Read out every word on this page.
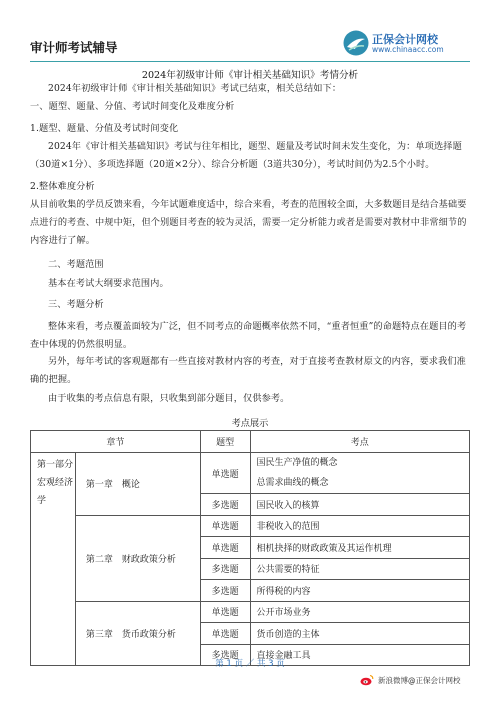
审计师考试辅导
正保会计网校
www.chinaacc.com
2024年初级审计师《审计相关基础知识》考情分析
2024年初级审计师《审计相关基础知识》考试已结束，相关总结如下：
一、题型、题量、分值、考试时间变化及难度分析
1.题型、题量、分值及考试时间变化
2024年《审计相关基础知识》考试与往年相比，题型、题量及考试时间未发生变化，为：单项选择题（30道×1分）、多项选择题（20道×2分）、综合分析题（3道共30分），考试时间仍为2.5个小时。
2.整体难度分析
从目前收集的学员反馈来看，今年试题难度适中，综合来看，考查的范围较全面，大多数题目是结合基础要点进行的考查、中规中矩，但个别题目考查的较为灵活，需要一定分析能力或者是需要对教材中非常细节的内容进行了解。
二、考题范围
基本在考试大纲要求范围内。
三、考题分析
整体来看，考点覆盖面较为广泛，但不同考点的命题概率依然不同，“重者恒重”的命题特点在题目的考查中体现的仍然很明显。
另外，每年考试的客观题都有一些直接对教材内容的考查，对于直接考查教材原文的内容，要求我们准确的把握。
由于收集的考点信息有限，只收集到部分题目，仅供参考。
考点展示
章节		题型	考点
第一部分宏观经济学	第一章　概论	单选题	国民生产净值的概念
总需求曲线的概念

		多选题	国民收入的核算
	第二章　财政政策分析	单选题	非税收入的范围
		单选题	相机抉择的财政政策及其运作机理
		多选题	公共需要的特征
		多选题	所得税的内容
	第三章　货币政策分析	单选题	公开市场业务
		单选题	货币创造的主体
		多选题	直接金融工具
第 1 页 ／ 共 3 页
新浪微博@正保会计网校
